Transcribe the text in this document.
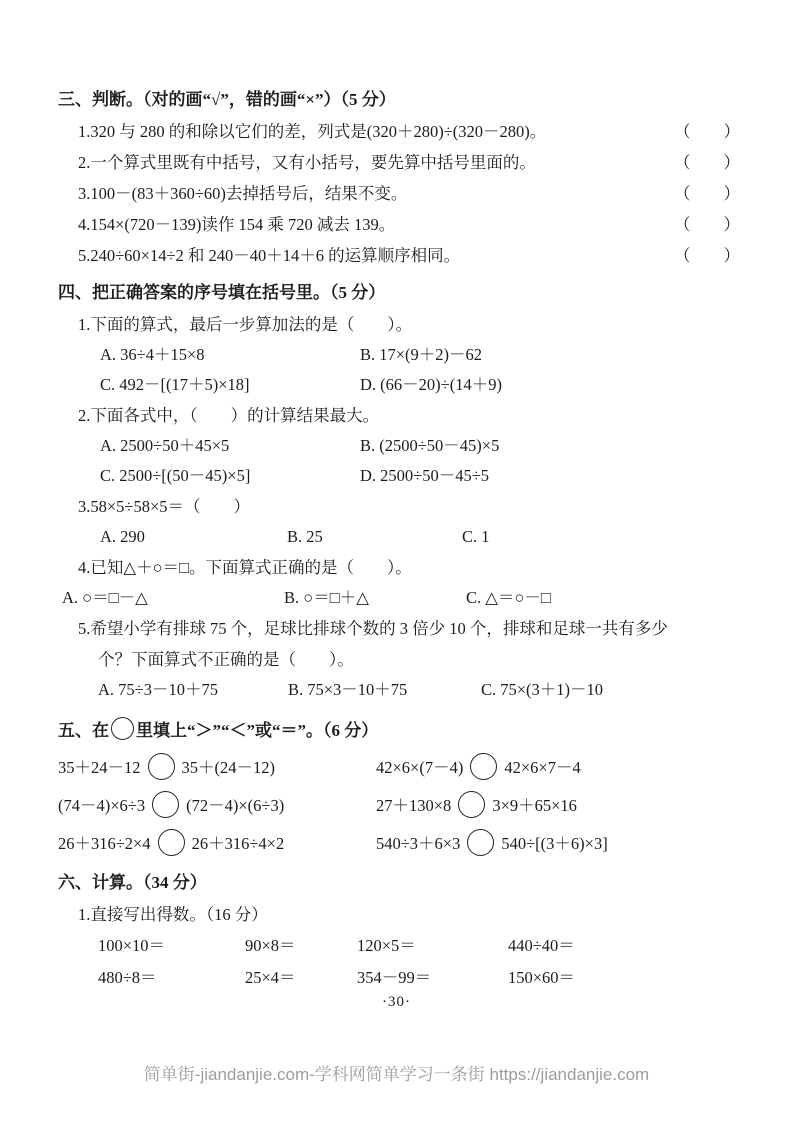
三、判断。（对的画“√”，错的画“×”）（5 分）
1.320 与 280 的和除以它们的差，列式是(320＋280)÷(320－280)。	（　　）
2.一个算式里既有中括号，又有小括号，要先算中括号里面的。	（　　）
3.100－(83＋360÷60)去掉括号后，结果不变。	（　　）
4.154×(720－139)读作 154 乘 720 减去 139。	（　　）
5.240÷60×14÷2 和 240－40＋14＋6 的运算顺序相同。	（　　）
四、把正确答案的序号填在括号里。（5 分）
1.下面的算式，最后一步算加法的是（　　）。
A. 36÷4＋15×8	B. 17×(9＋2)－62
C. 492－[(17＋5)×18]	D. (66－20)÷(14＋9)
2.下面各式中，（　　）的计算结果最大。
A. 2500÷50＋45×5	B. (2500÷50－45)×5
C. 2500÷[(50－45)×5]	D. 2500÷50－45÷5
3.58×5÷58×5＝（　　）
A. 290	B. 25	C. 1
4.已知△＋○＝□。下面算式正确的是（　　）。
A. ○＝□－△	B. ○＝□＋△	C. △＝○－□
5.希望小学有排球 75 个，足球比排球个数的 3 倍少 10 个，排球和足球一共有多少
个？下面算式不正确的是（　　）。
A. 75÷3－10＋75	B. 75×3－10＋75	C. 75×(3＋1)－10
五、在 里填上“＞”“＜”或“＝”。（6 分）
35＋24－12 35＋(24－12)	42×6×(7－4) 42×6×7－4
(74－4)×6÷3 (72－4)×(6÷3)	27＋130×8 3×9＋65×16
26＋316÷2×4 26＋316÷4×2	540÷3＋6×3 540÷[(3＋6)×3]
六、计算。（34 分）
1.直接写出得数。（16 分）
100×10＝	90×8＝	120×5＝	440÷40＝
480÷8＝	25×4＝	354－99＝	150×60＝
·30·
简单街-jiandanjie.com-学科网简单学习一条街 https://jiandanjie.com
